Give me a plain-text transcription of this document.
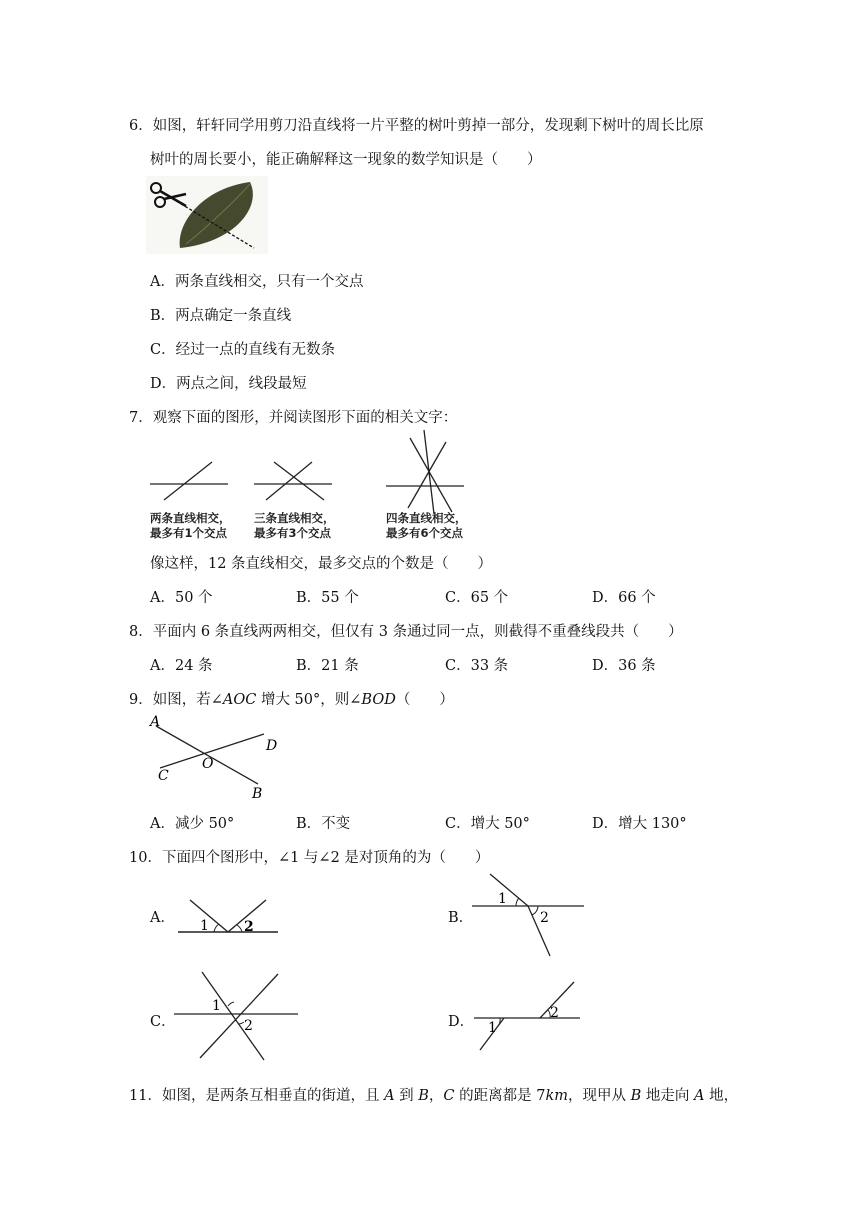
6．如图，轩轩同学用剪刀沿直线将一片平整的树叶剪掉一部分，发现剩下树叶的周长比原
树叶的周长要小，能正确解释这一现象的数学知识是（　　）
A．两条直线相交，只有一个交点
B．两点确定一条直线
C．经过一点的直线有无数条
D．两点之间，线段最短
7．观察下面的图形，并阅读图形下面的相关文字：
两条直线相交，
最多有1个交点
三条直线相交，
最多有3个交点
四条直线相交，
最多有6个交点
像这样，12 条直线相交，最多交点的个数是（　　）
A．50 个	B．55 个	C．65 个	D．66 个
8．平面内 6 条直线两两相交，但仅有 3 条通过同一点，则截得不重叠线段共（　　）
A．24 条	B．21 条	C．33 条	D．36 条
9．如图，若∠AOC 增大 50°，则∠BOD（　　）
A
C
O
D
B
A．减少 50°	B．不变	C．增大 50°	D．增大 130°
10．下面四个图形中，∠1 与∠2 是对顶角的为（　　）
A． 1	2
B．
1
2
C．
1
2	D． 1
2
11．如图，是两条互相垂直的街道，且 A 到 B，C 的距离都是 7km，现甲从 B 地走向 A 地，
